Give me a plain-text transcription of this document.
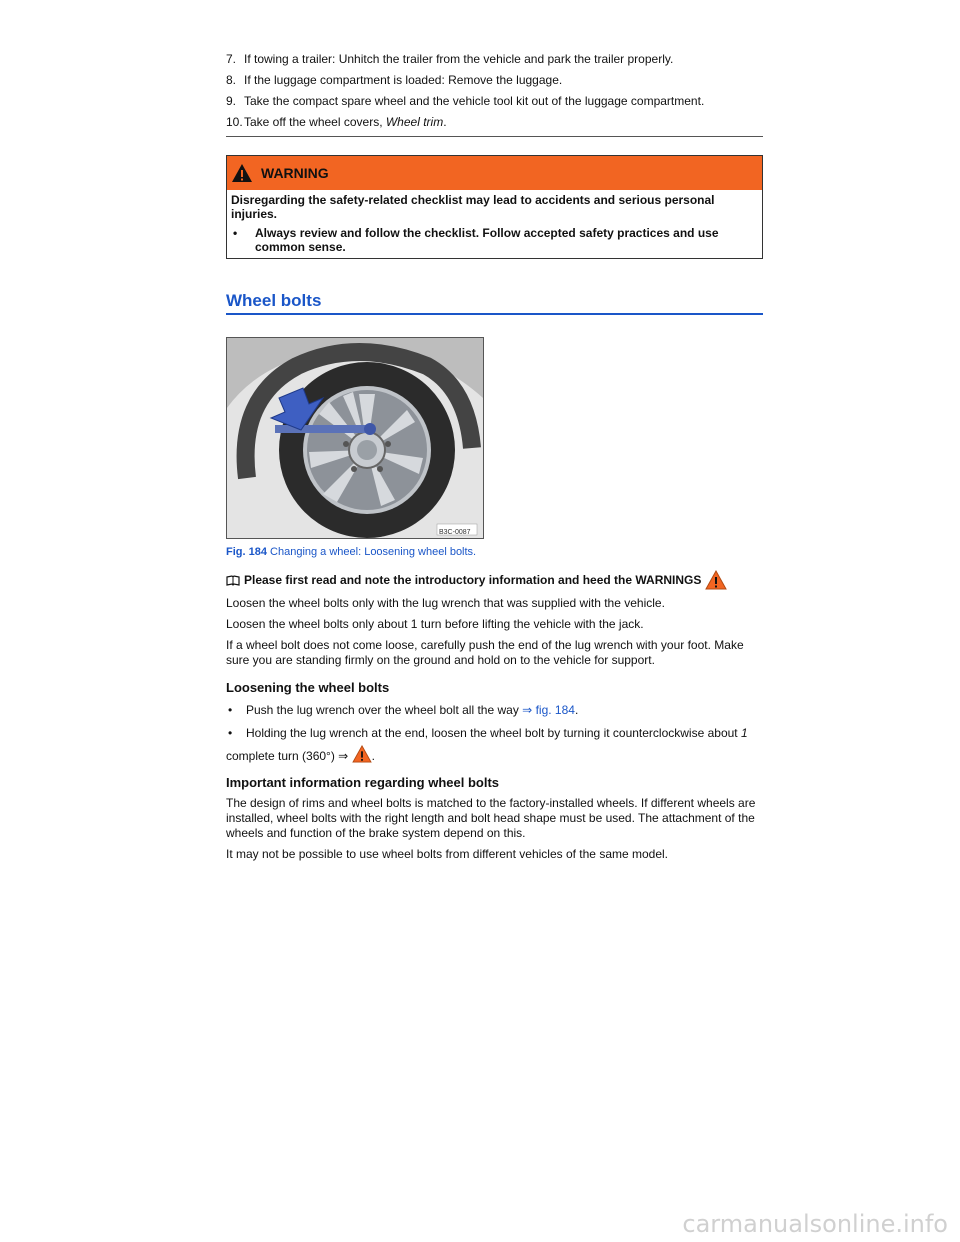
7. If towing a trailer: Unhitch the trailer from the vehicle and park the trailer properly.
8. If the luggage compartment is loaded: Remove the luggage.
9. Take the compact spare wheel and the vehicle tool kit out of the luggage compartment.
10. Take off the wheel covers, Wheel trim.
WARNING

Disregarding the safety-related checklist may lead to accidents and serious personal injuries.

•	Always review and follow the checklist. Follow accepted safety practices and use common sense.
Wheel bolts
B3C-0087
Fig. 184 Changing a wheel: Loosening wheel bolts.
Please first read and note the introductory information and heed the WARNINGS

Loosen the wheel bolts only with the lug wrench that was supplied with the vehicle.

Loosen the wheel bolts only about 1 turn before lifting the vehicle with the jack.

If a wheel bolt does not come loose, carefully push the end of the lug wrench with your foot. Make sure you are standing firmly on the ground and hold on to the vehicle for support.

Loosening the wheel bolts
•	Push the lug wrench over the wheel bolt all the way ⇒ fig. 184.
•	Holding the lug wrench at the end, loosen the wheel bolt by turning it counterclockwise about 1
complete turn (360°) ⇒ .
Important information regarding wheel bolts

The design of rims and wheel bolts is matched to the factory-installed wheels. If different wheels are installed, wheel bolts with the right length and bolt head shape must be used. The attachment of the wheels and function of the brake system depend on this.

It may not be possible to use wheel bolts from different vehicles of the same model.

carmanualsonline.info
